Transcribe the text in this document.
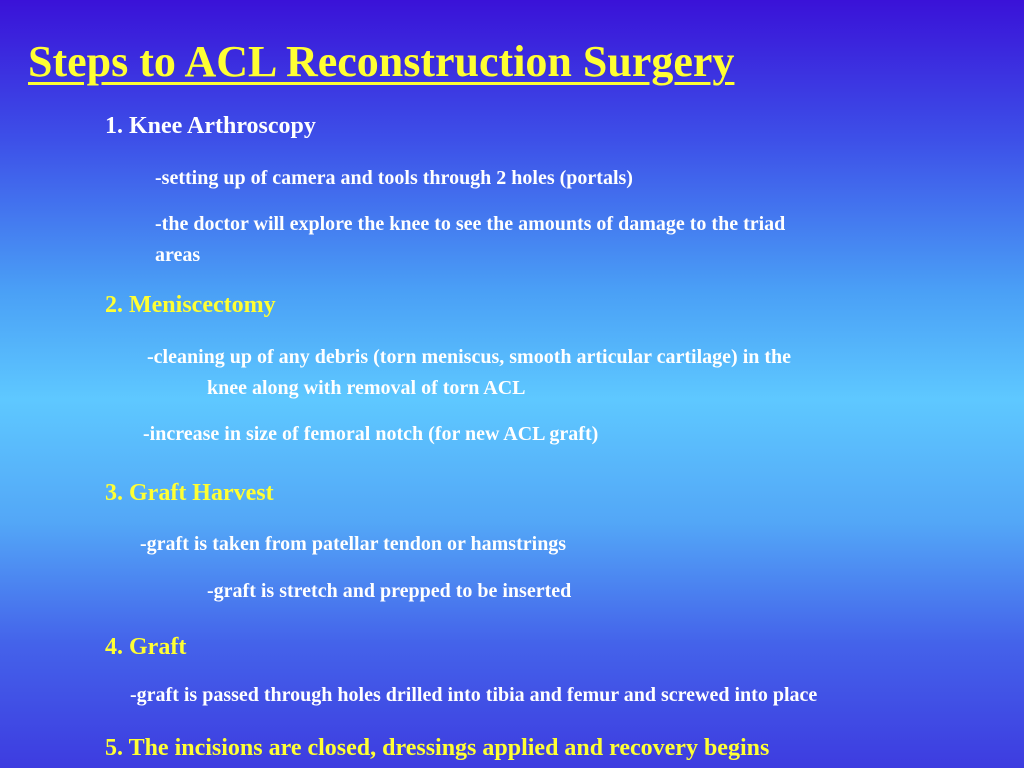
Steps to ACL Reconstruction Surgery
1. Knee Arthroscopy
-setting up of camera and tools through 2 holes (portals)
-the doctor will explore the knee to see the amounts of damage to the triad
areas
2. Meniscectomy
-cleaning up of any debris (torn meniscus, smooth articular cartilage) in the
knee along with removal of torn ACL
-increase in size of femoral notch (for new ACL graft)
3. Graft Harvest
-graft is taken from patellar tendon or hamstrings
-graft is stretch and prepped to be inserted
4. Graft
-graft is passed through holes drilled into tibia and femur and screwed into place
5. The incisions are closed, dressings applied and recovery begins
